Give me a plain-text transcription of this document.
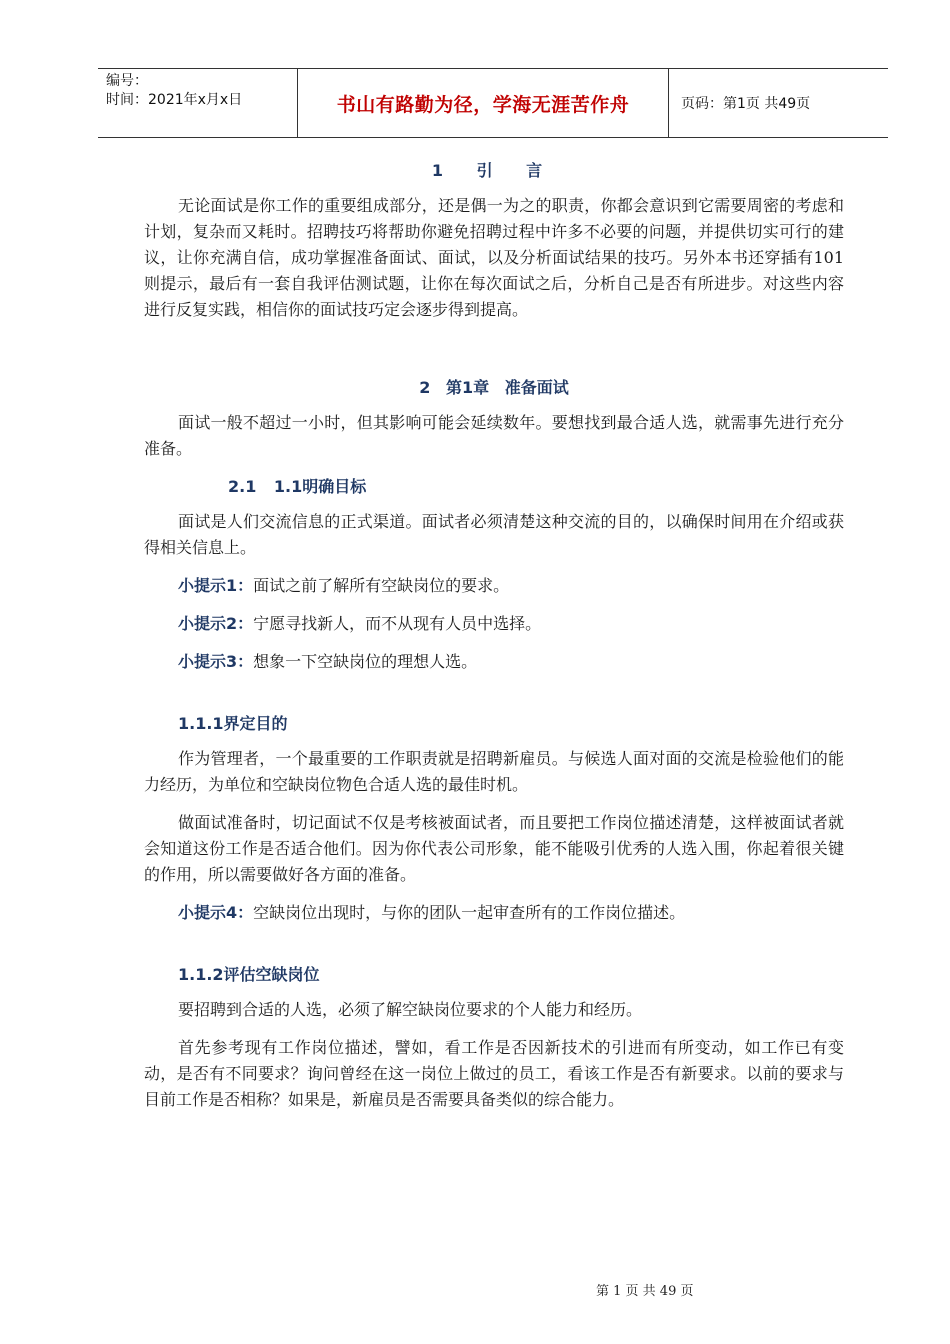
编号：
时间：2021年x月x日	书山有路勤为径，学海无涯苦作舟	页码：第1页 共49页
1 引 言

无论面试是你工作的重要组成部分，还是偶一为之的职责，你都会意识到它需要周密的考虑和计划，复杂而又耗时。招聘技巧将帮助你避免招聘过程中许多不必要的问题，并提供切实可行的建议，让你充满自信，成功掌握准备面试、面试，以及分析面试结果的技巧。另外本书还穿插有101则提示，最后有一套自我评估测试题，让你在每次面试之后，分析自己是否有所进步。对这些内容进行反复实践，相信你的面试技巧定会逐步得到提高。

2 第1章 准备面试

面试一般不超过一小时，但其影响可能会延续数年。要想找到最合适人选，就需事先进行充分准备。

2.1 1.1明确目标

面试是人们交流信息的正式渠道。面试者必须清楚这种交流的目的，以确保时间用在介绍或获得相关信息上。

小提示1：面试之前了解所有空缺岗位的要求。

小提示2：宁愿寻找新人，而不从现有人员中选择。

小提示3：想象一下空缺岗位的理想人选。

1.1.1界定目的

作为管理者，一个最重要的工作职责就是招聘新雇员。与候选人面对面的交流是检验他们的能力经历，为单位和空缺岗位物色合适人选的最佳时机。

做面试准备时，切记面试不仅是考核被面试者，而且要把工作岗位描述清楚，这样被面试者就会知道这份工作是否适合他们。因为你代表公司形象，能不能吸引优秀的人选入围，你起着很关键的作用，所以需要做好各方面的准备。

小提示4：空缺岗位出现时，与你的团队一起审查所有的工作岗位描述。

1.1.2评估空缺岗位

要招聘到合适的人选，必须了解空缺岗位要求的个人能力和经历。

首先参考现有工作岗位描述，譬如，看工作是否因新技术的引进而有所变动，如工作已有变动，是否有不同要求？询问曾经在这一岗位上做过的员工，看该工作是否有新要求。以前的要求与目前工作是否相称？如果是，新雇员是否需要具备类似的综合能力。

第 1 页 共 49 页
